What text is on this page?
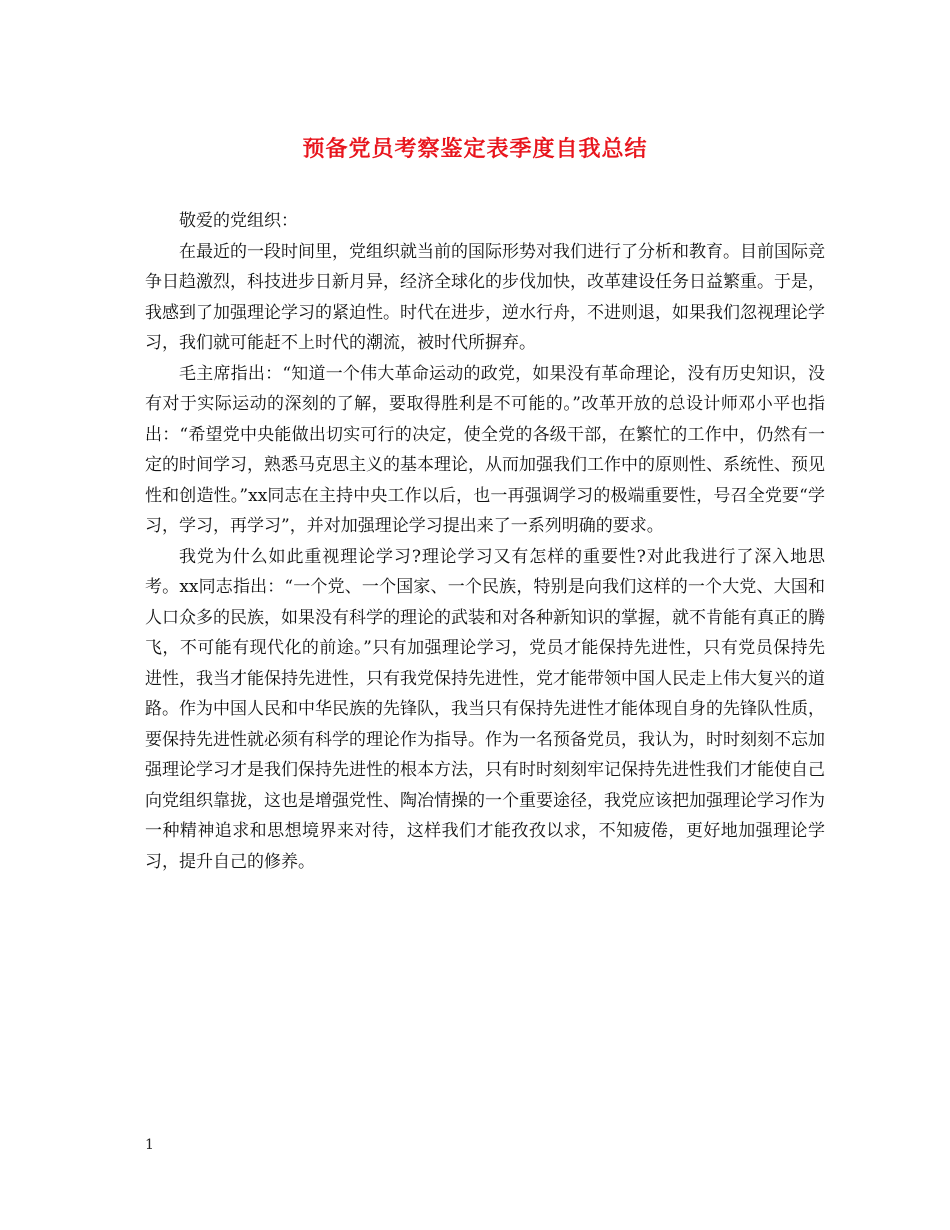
预备党员考察鉴定表季度自我总结

敬爱的党组织：

在最近的一段时间里，党组织就当前的国际形势对我们进行了分析和教育。目前国际竞争日趋激烈，科技进步日新月异，经济全球化的步伐加快，改革建设任务日益繁重。于是，我感到了加强理论学习的紧迫性。时代在进步，逆水行舟，不进则退，如果我们忽视理论学习，我们就可能赶不上时代的潮流，被时代所摒弃。

毛主席指出：“知道一个伟大革命运动的政党，如果没有革命理论，没有历史知识，没有对于实际运动的深刻的了解，要取得胜利是不可能的。”改革开放的总设计师邓小平也指出：“希望党中央能做出切实可行的决定，使全党的各级干部，在繁忙的工作中，仍然有一定的时间学习，熟悉马克思主义的基本理论，从而加强我们工作中的原则性、系统性、预见性和创造性。”xx同志在主持中央工作以后，也一再强调学习的极端重要性，号召全党要“学习，学习，再学习”，并对加强理论学习提出来了一系列明确的要求。

我党为什么如此重视理论学习?理论学习又有怎样的重要性?对此我进行了深入地思考。xx同志指出：“一个党、一个国家、一个民族，特别是向我们这样的一个大党、大国和人口众多的民族，如果没有科学的理论的武装和对各种新知识的掌握，就不肯能有真正的腾飞，不可能有现代化的前途。”只有加强理论学习，党员才能保持先进性，只有党员保持先进性，我当才能保持先进性，只有我党保持先进性，党才能带领中国人民走上伟大复兴的道路。作为中国人民和中华民族的先锋队，我当只有保持先进性才能体现自身的先锋队性质，要保持先进性就必须有科学的理论作为指导。作为一名预备党员，我认为，时时刻刻不忘加强理论学习才是我们保持先进性的根本方法，只有时时刻刻牢记保持先进性我们才能使自己向党组织靠拢，这也是增强党性、陶冶情操的一个重要途径，我党应该把加强理论学习作为一种精神追求和思想境界来对待，这样我们才能孜孜以求，不知疲倦，更好地加强理论学习，提升自己的修养。

1
